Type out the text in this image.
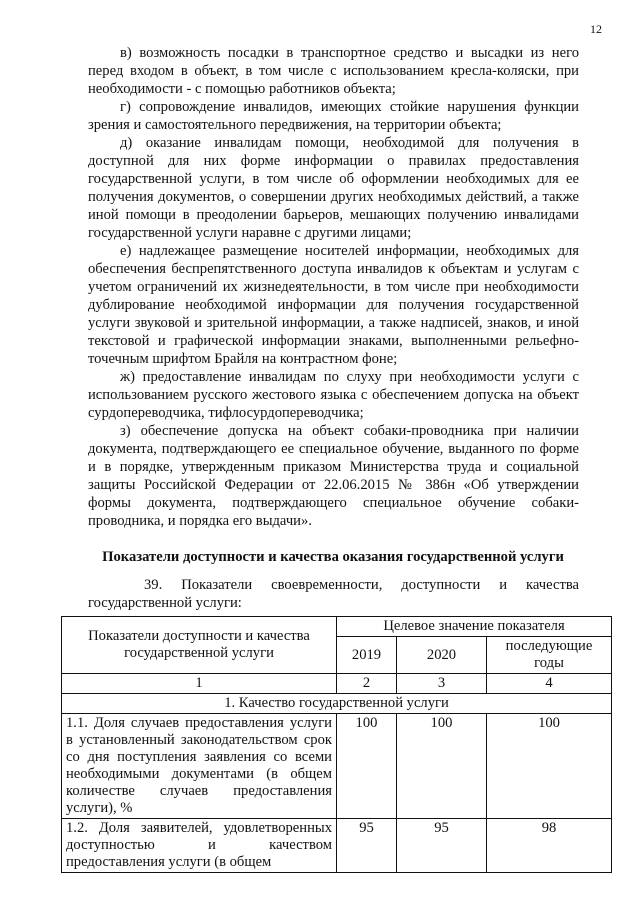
12

в) возможность посадки в транспортное средство и высадки из него перед входом в объект, в том числе с использованием кресла-коляски, при необходимости - с помощью работников объекта;

г) сопровождение инвалидов, имеющих стойкие нарушения функции зрения и самостоятельного передвижения, на территории объекта;

д) оказание инвалидам помощи, необходимой для получения в доступной для них форме информации о правилах предоставления государственной услуги, в том числе об оформлении необходимых для ее получения документов, о совершении других необходимых действий, а также иной помощи в преодолении барьеров, мешающих получению инвалидами государственной услуги наравне с другими лицами;

е) надлежащее размещение носителей информации, необходимых для обеспечения беспрепятственного доступа инвалидов к объектам и услугам с учетом ограничений их жизнедеятельности, в том числе при необходимости дублирование необходимой информации для получения государственной услуги звуковой и зрительной информации, а также надписей, знаков, и иной текстовой и графической информации знаками, выполненными рельефно-точечным шрифтом Брайля на контрастном фоне;

ж) предоставление инвалидам по слуху при необходимости услуги с использованием русского жестового языка с обеспечением допуска на объект сурдопереводчика, тифлосурдопереводчика;

з) обеспечение допуска на объект собаки-проводника при наличии документа, подтверждающего ее специальное обучение, выданного по форме и в порядке, утвержденным приказом Министерства труда и социальной защиты Российской Федерации от 22.06.2015 № 386н «Об утверждении формы документа, подтверждающего специальное обучение собаки-проводника, и порядка его выдачи».

Показатели доступности и качества оказания государственной услуги

39. Показатели своевременности, доступности и качества государственной услуги:

Показатели доступности и качества государственной услуги	Целевое значение показателя		
	2019	2020	последующие годы
1	2	3	4
1. Качество государственной услуги			
1.1. Доля случаев предоставления услуги в установленный законодательством срок со дня поступления заявления со всеми необходимыми документами (в общем количестве случаев предоставления услуги), %	100	100	100
1.2. Доля заявителей, удовлетворенных доступностью и качеством предоставления услуги (в общем	95	95	98
